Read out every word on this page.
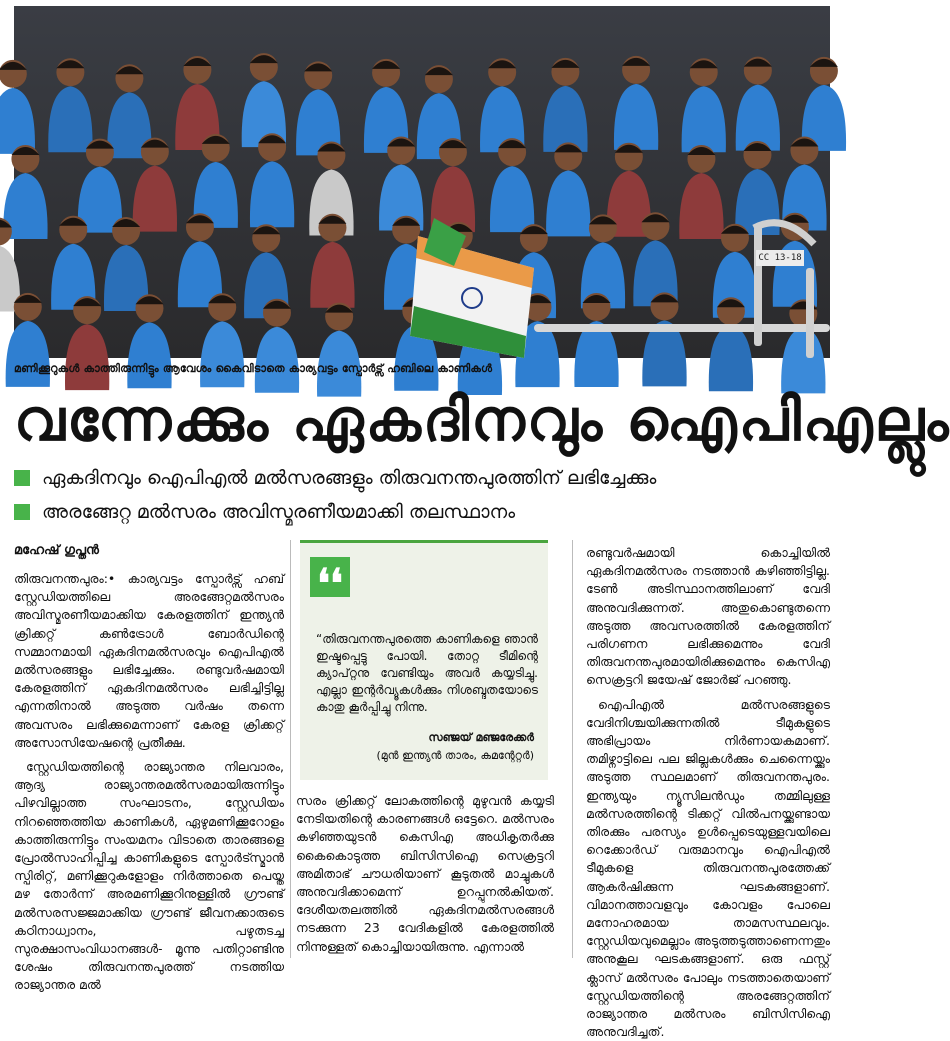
CC 13-18
മണിക്കൂറുകൾ കാത്തിരുന്നിട്ടും ആവേശം കൈവിടാതെ കാര്യവട്ടം സ്പോർട്സ് ഹബിലെ കാണികൾ
വന്നേക്കും ഏകദിനവും ഐപിഎല്ലും
ഏകദിനവും ഐപിഎൽ മൽസരങ്ങളും തിരുവനന്തപുരത്തിന് ലഭിച്ചേക്കും
അരങ്ങേറ്റ മൽസരം അവിസ്മരണീയമാക്കി തലസ്ഥാനം
മഹേഷ് ഗുപ്തൻ

തിരുവനന്തപുരം:• കാര്യവട്ടം സ്പോർട്സ് ഹബ് സ്റ്റേഡിയത്തിലെ അരങ്ങേറ്റമൽസരം അവിസ്മരണീയമാക്കിയ കേരളത്തിന് ഇന്ത്യൻ ക്രിക്കറ്റ് കൺട്രോൾ ബോർഡിന്റെ സമ്മാനമായി ഏകദിനമൽസരവും ഐപിഎൽ മൽസരങ്ങളും ലഭിച്ചേക്കും. രണ്ടുവർഷമായി കേരളത്തിന് ഏകദിനമൽസരം ലഭിച്ചിട്ടില്ല എന്നതിനാൽ അടുത്ത വർഷം തന്നെ അവസരം ലഭിക്കുമെന്നാണ് കേരള ക്രിക്കറ്റ് അസോസിയേഷന്റെ പ്രതീക്ഷ.

സ്റ്റേഡിയത്തിന്റെ രാജ്യാന്തര നിലവാരം, ആദ്യ രാജ്യാന്തരമൽസരമായിരുന്നിട്ടും പിഴവില്ലാത്ത സംഘാടനം, സ്റ്റേഡിയം നിറഞ്ഞെത്തിയ കാണികൾ, ഏഴുമണിക്കൂറോളം കാത്തിരുന്നിട്ടും സംയമനം വിടാതെ താരങ്ങളെ പ്രോൽസാഹിപ്പിച്ച കാണികളുടെ സ്പോർട്സ്മാൻ സ്പിരിറ്റ്, മണിക്കൂറുകളോളം നിർത്താതെ പെയ്ത മഴ തോർന്ന് അരമണിക്കൂറിനുള്ളിൽ ഗ്രൗണ്ട് മൽസരസജ്ജമാക്കിയ ഗ്രൗണ്ട് ജീവനക്കാരുടെ കഠിനാധ്വാനം, പഴുതടച്ച സുരക്ഷാസംവിധാനങ്ങൾ- മൂന്നു പതിറ്റാണ്ടിനു ശേഷം തിരുവനന്തപുരത്ത് നടത്തിയ രാജ്യാന്തര മൽ

❛❛
“തിരുവനന്തപുരത്തെ കാണികളെ ഞാൻ ഇഷ്ടപ്പെട്ടു പോയി. തോറ്റ ടീമിന്റെ ക്യാപ്റ്റനു വേണ്ടിയും അവർ കയ്യടിച്ചു. എല്ലാ ഇന്റർവ്യൂകൾക്കും നിശബ്ദതയോടെ കാതു കൂർപ്പിച്ചു നിന്നു.
സഞ്ജയ് മഞ്ജരേക്കർ
(മുൻ ഇന്ത്യൻ താരം, കമന്റേറ്റർ)

സരം ക്രിക്കറ്റ് ലോകത്തിന്റെ മുഴുവൻ കയ്യടി നേടിയതിന്റെ കാരണങ്ങൾ ഒട്ടേറെ. മൽസരം കഴിഞ്ഞയുടൻ കെസിഎ അധികൃതർക്കു കൈകൊടുത്ത ബിസിസിഐ സെക്രട്ടറി അമിതാഭ് ചൗധരിയാണ് കൂടുതൽ മാച്ചുകൾ അനുവദിക്കാമെന്ന് ഉറപ്പുനൽകിയത്. ദേശീയതലത്തിൽ ഏകദിനമൽസരങ്ങൾ നടക്കുന്ന 23 വേദികളിൽ കേരളത്തിൽ നിന്നുള്ളത് കൊച്ചിയായിരുന്നു. എന്നാൽ

രണ്ടുവർഷമായി കൊച്ചിയിൽ ഏകദിനമൽസരം നടത്താൻ കഴിഞ്ഞിട്ടില്ല. ടേൺ അടിസ്ഥാനത്തിലാണ് വേദി അനുവദിക്കുന്നത്. അതുകൊണ്ടുതന്നെ അടുത്ത അവസരത്തിൽ കേരളത്തിന് പരിഗണന ലഭിക്കുമെന്നും വേദി തിരുവനന്തപുരമായിരിക്കുമെന്നും കെസിഎ സെക്രട്ടറി ജയേഷ് ജോർജ് പറഞ്ഞു.

ഐപിഎൽ മൽസരങ്ങളുടെ വേദിനിശ്ചയിക്കുന്നതിൽ ടീമുകളുടെ അഭിപ്രായം നിർണായകമാണ്. തമിഴ്നാട്ടിലെ പല ജില്ലകൾക്കും ചെന്നൈയ്ക്കും അടുത്ത സ്ഥലമാണ് തിരുവനന്തപുരം. ഇന്ത്യയും ന്യൂസിലൻഡും തമ്മിലുള്ള മൽസരത്തിന്റെ ടിക്കറ്റ് വിൽപനയ്ക്കുണ്ടായ തിരക്കും പരസ്യം ഉൾപ്പെടെയുള്ളവയിലെ റെക്കോർഡ് വരുമാനവും ഐപിഎൽ ടീമുകളെ തിരുവനന്തപുരത്തേക്ക് ആകർഷിക്കുന്ന ഘടകങ്ങളാണ്. വിമാനത്താവളവും കോവളം പോലെ മനോഹരമായ താമസസ്ഥലവും. സ്റ്റേഡിയവുമെല്ലാം അടുത്തടുത്താണെന്നതും അനുകൂല ഘടകങ്ങളാണ്. ഒരു ഫസ്റ്റ് ക്ലാസ് മൽസരം പോലും നടത്താതെയാണ് സ്റ്റേഡിയത്തിന്റെ അരങ്ങേറ്റത്തിന് രാജ്യാന്തര മൽസരം ബിസിസിഐ അനുവദിച്ചത്.
